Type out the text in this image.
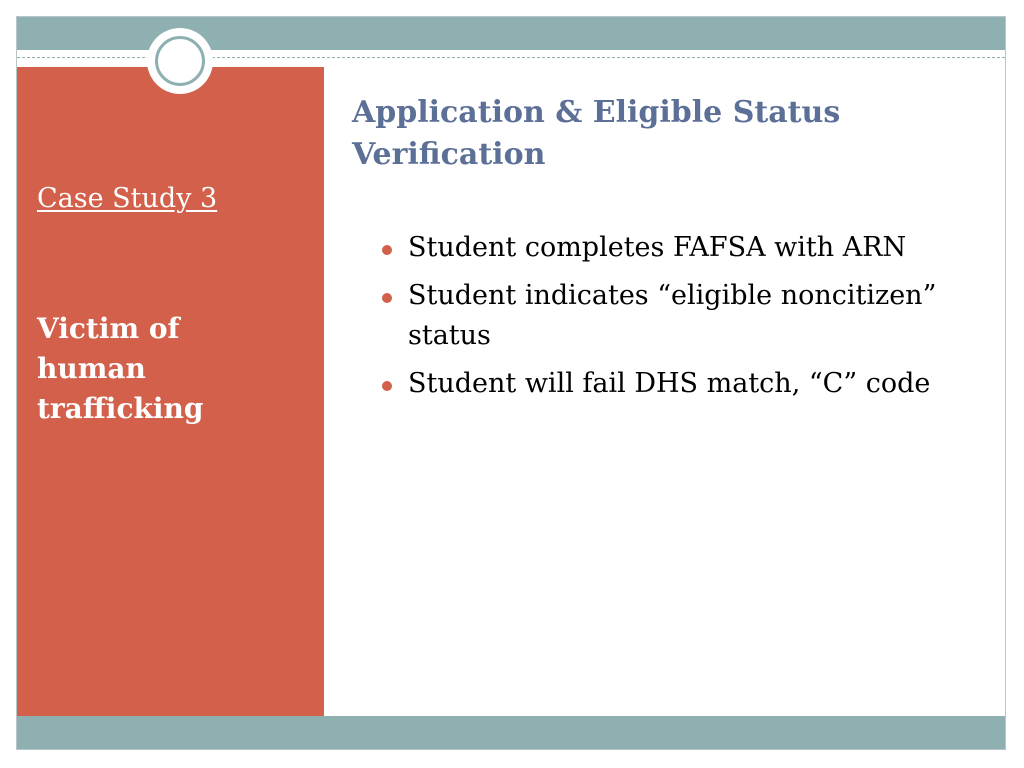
Case Study 3
Victim of
human
trafficking
Application & Eligible Status
Verification
Student completes FAFSA with ARN
Student indicates “eligible noncitizen” status
Student will fail DHS match, “C” code
